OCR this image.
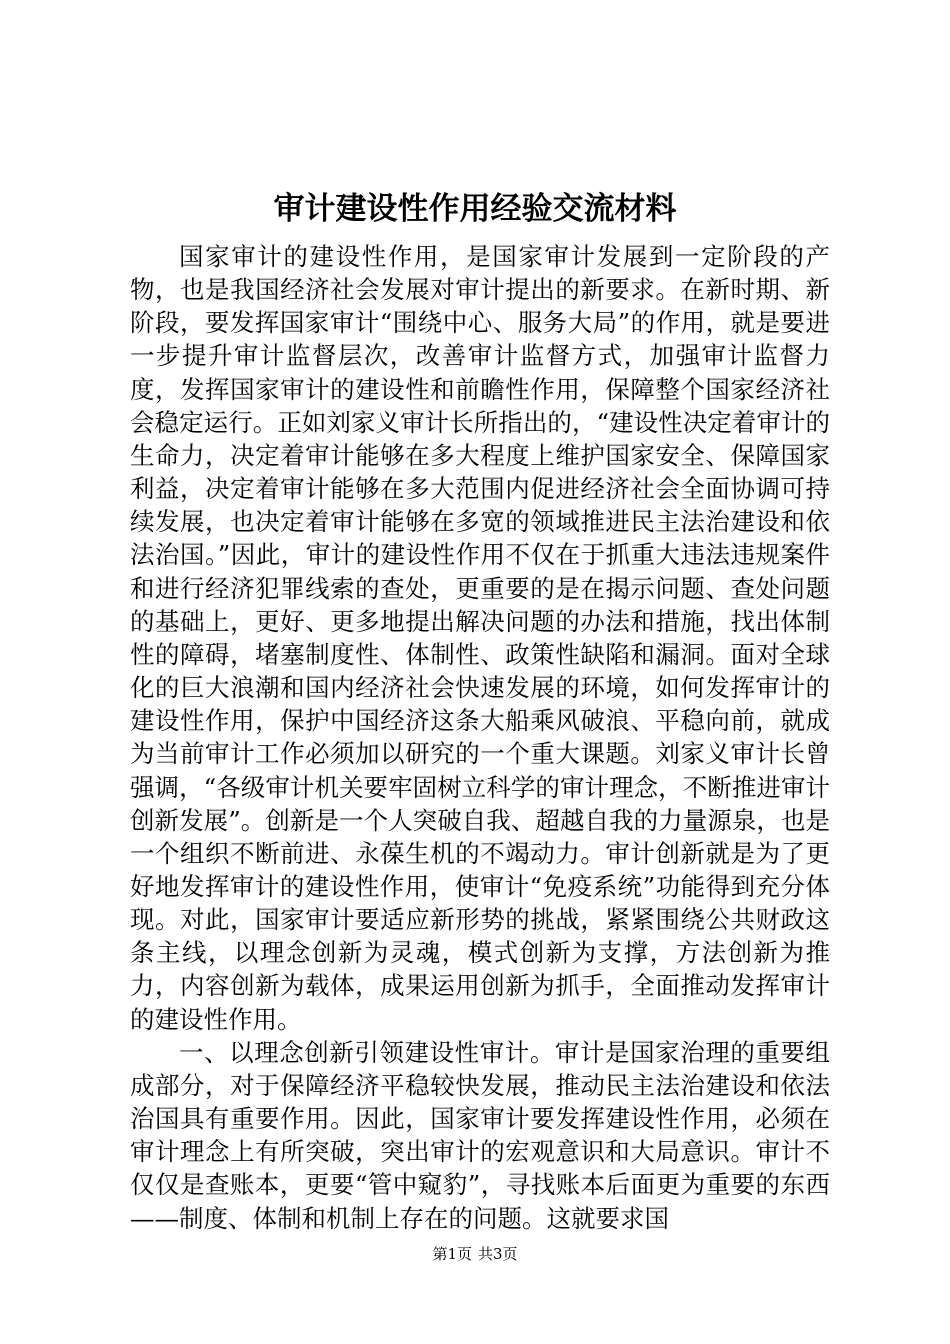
审计建设性作用经验交流材料

国家审计的建设性作用，是国家审计发展到一定阶段的产物，也是我国经济社会发展对审计提出的新要求。在新时期、新阶段，要发挥国家审计“围绕中心、服务大局”的作用，就是要进一步提升审计监督层次，改善审计监督方式，加强审计监督力度，发挥国家审计的建设性和前瞻性作用，保障整个国家经济社会稳定运行。正如刘家义审计长所指出的，“建设性决定着审计的生命力，决定着审计能够在多大程度上维护国家安全、保障国家利益，决定着审计能够在多大范围内促进经济社会全面协调可持续发展，也决定着审计能够在多宽的领域推进民主法治建设和依法治国。”因此，审计的建设性作用不仅在于抓重大违法违规案件和进行经济犯罪线索的查处，更重要的是在揭示问题、查处问题的基础上，更好、更多地提出解决问题的办法和措施，找出体制性的障碍，堵塞制度性、体制性、政策性缺陷和漏洞。面对全球化的巨大浪潮和国内经济社会快速发展的环境，如何发挥审计的建设性作用，保护中国经济这条大船乘风破浪、平稳向前，就成为当前审计工作必须加以研究的一个重大课题。刘家义审计长曾强调，“各级审计机关要牢固树立科学的审计理念，不断推进审计创新发展”。创新是一个人突破自我、超越自我的力量源泉，也是一个组织不断前进、永葆生机的不竭动力。审计创新就是为了更好地发挥审计的建设性作用，使审计“免疫系统”功能得到充分体现。对此，国家审计要适应新形势的挑战，紧紧围绕公共财政这条主线，以理念创新为灵魂，模式创新为支撑，方法创新为推力，内容创新为载体，成果运用创新为抓手，全面推动发挥审计的建设性作用。

一、以理念创新引领建设性审计。审计是国家治理的重要组成部分，对于保障经济平稳较快发展，推动民主法治建设和依法治国具有重要作用。因此，国家审计要发挥建设性作用，必须在审计理念上有所突破，突出审计的宏观意识和大局意识。审计不仅仅是查账本，更要“管中窥豹”，寻找账本后面更为重要的东西——制度、体制和机制上存在的问题。这就要求国

第1页 共3页
